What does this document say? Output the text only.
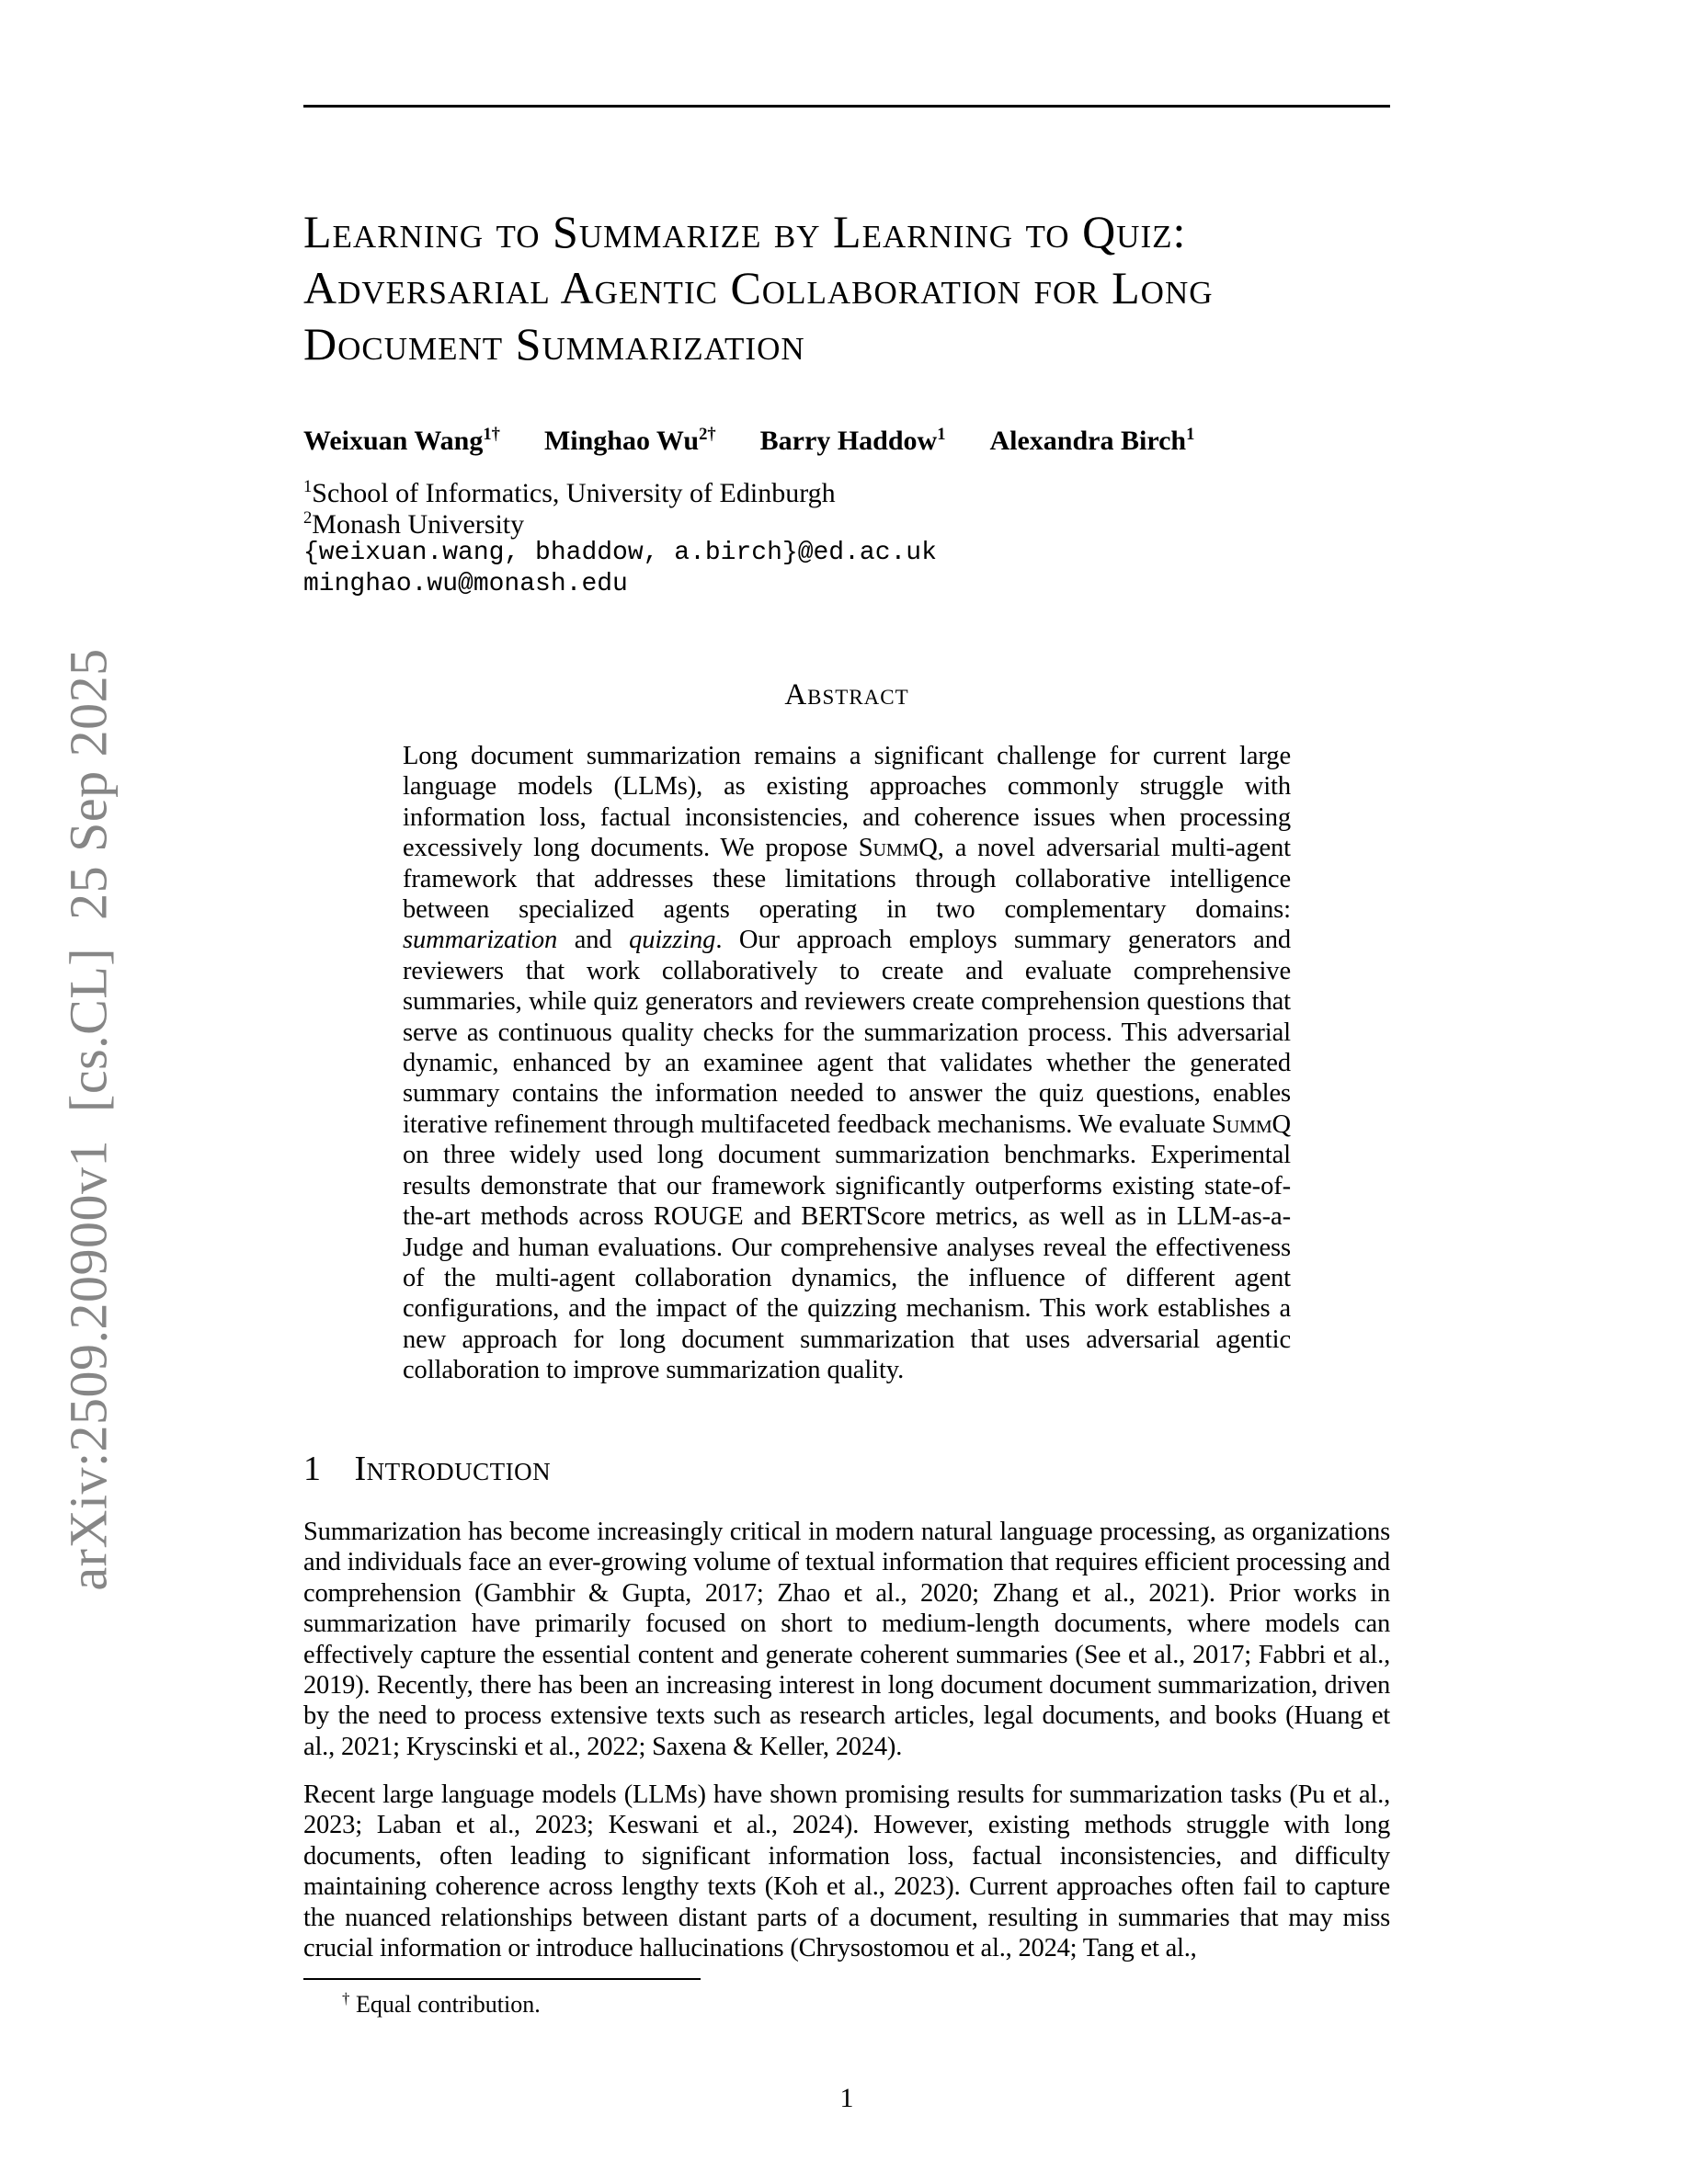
arXiv:2509.20900v1  [cs.CL]  25 Sep 2025
Learning to Summarize by Learning to Quiz:
Adversarial Agentic Collaboration for Long
Document Summarization
Weixuan Wang$^{1\dagger}$ Minghao $Wu^{2\dagger}$ Barry Haddow$^1$ Alexandra Birch$^1$
$^1$School of Informatics, University of Edinburgh
$^2$Monash University
{weixuan.wang, bhaddow, a.birch}@ed.ac.uk
minghao.wu@monash.edu
Abstract

Long document summarization remains a significant challenge for current large language models (LLMs), as existing approaches commonly struggle with information loss, factual inconsistencies, and coherence issues when processing excessively long documents. We propose SummQ, a novel adversarial multi-agent framework that addresses these limitations through collaborative intelligence between specialized agents operating in two complementary domains: summarization and quizzing. Our approach employs summary generators and reviewers that work collaboratively to create and evaluate comprehensive summaries, while quiz generators and reviewers create comprehension questions that serve as continuous quality checks for the summarization process. This adversarial dynamic, enhanced by an examinee agent that validates whether the generated summary contains the information needed to answer the quiz questions, enables iterative refinement through multifaceted feedback mechanisms. We evaluate SummQ on three widely used long document summarization benchmarks. Experimental results demonstrate that our framework significantly outperforms existing state-of-the-art methods across ROUGE and BERTScore metrics, as well as in LLM-as-a-Judge and human evaluations. Our comprehensive analyses reveal the effectiveness of the multi-agent collaboration dynamics, the influence of different agent configurations, and the impact of the quizzing mechanism. This work establishes a new approach for long document summarization that uses adversarial agentic collaboration to improve summarization quality.

1 Introduction

Summarization has become increasingly critical in modern natural language processing, as organizations and individuals face an ever-growing volume of textual information that requires efficient processing and comprehension (Gambhir & Gupta, 2017; Zhao et al., 2020; Zhang et al., 2021). Prior works in summarization have primarily focused on short to medium-length documents, where models can effectively capture the essential content and generate coherent summaries (See et al., 2017; Fabbri et al., 2019). Recently, there has been an increasing interest in long document document summarization, driven by the need to process extensive texts such as research articles, legal documents, and books (Huang et al., 2021; Kryscinski et al., 2022; Saxena & Keller, 2024).

Recent large language models (LLMs) have shown promising results for summarization tasks (Pu et al., 2023; Laban et al., 2023; Keswani et al., 2024). However, existing methods struggle with long documents, often leading to significant information loss, factual inconsistencies, and difficulty maintaining coherence across lengthy texts (Koh et al., 2023). Current approaches often fail to capture the nuanced relationships between distant parts of a document, resulting in summaries that may miss crucial information or introduce hallucinations (Chrysostomou et al., 2024; Tang et al.,

† Equal contribution.

1
